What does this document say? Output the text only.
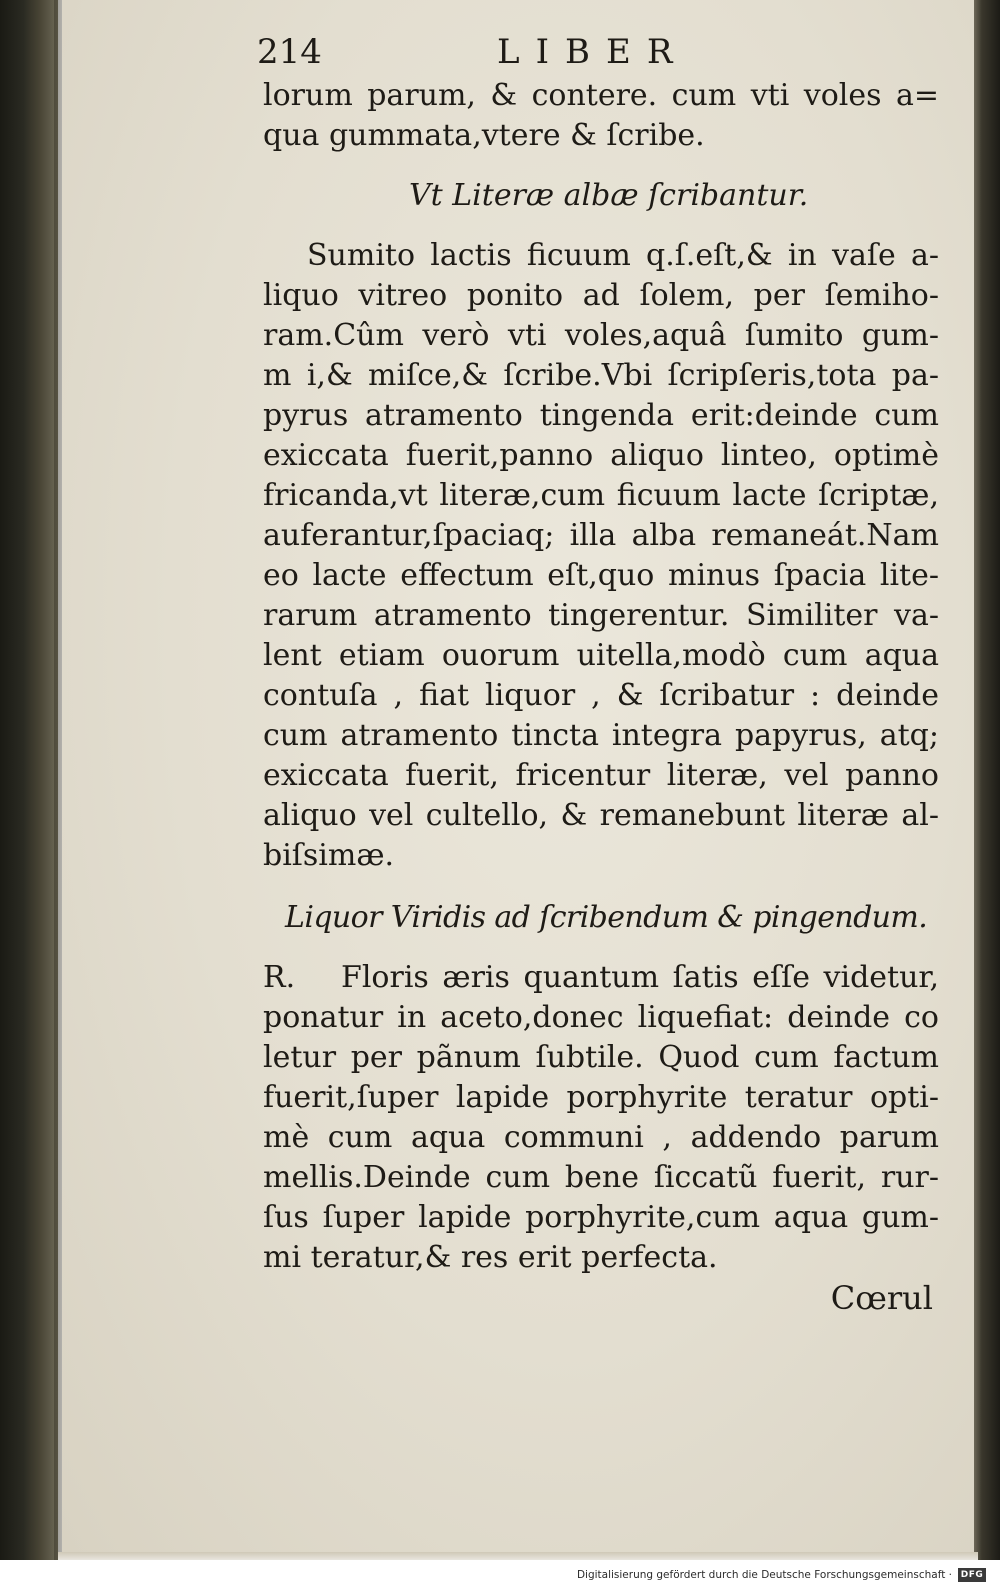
214	LIBER
lorum parum, & contere. cum vti voles a=
qua gummata,vtere & ſcribe.
Vt Literæ albæ ſcribantur.
Sumito lactis ficuum q.ſ.eſt,& in vaſe a-
liquo vitreo ponito ad ſolem, per ſemiho-
ram.Cûm verò vti voles,aquâ ſumito gum-
m i,& miſce,& ſcribe.Vbi ſcripſeris,tota pa-
pyrus atramento tingenda erit:deinde cum
exiccata fuerit,panno aliquo linteo, optimè
fricanda,vt literæ,cum ficuum lacte ſcriptæ,
auferantur,ſpaciaq; illa alba remaneát.Nam
eo lacte effectum eſt,quo minus ſpacia lite-
rarum atramento tingerentur. Similiter va-
lent etiam ouorum uitella,modò cum aqua
contuſa , fiat liquor , & ſcribatur : deinde
cum atramento tincta integra papyrus, atq;
exiccata fuerit, fricentur literæ, vel panno
aliquo vel cultello, & remanebunt literæ al-
biſsimæ.
Liquor Viridis ad ſcribendum & pingendum.
R.	Floris æris quantum ſatis eſſe videtur,
ponatur in aceto,donec liquefiat: deinde co
letur per pãnum ſubtile. Quod cum factum
fuerit,ſuper lapide porphyrite teratur opti-
mè cum aqua communi , addendo parum
mellis.Deinde cum bene ſiccatũ fuerit, rur-
ſus ſuper lapide porphyrite,cum aqua gum-
mi teratur,& res erit perfecta.
Cœrul
Digitalisierung gefördert durch die Deutsche Forschungsgemeinschaft · DFG
